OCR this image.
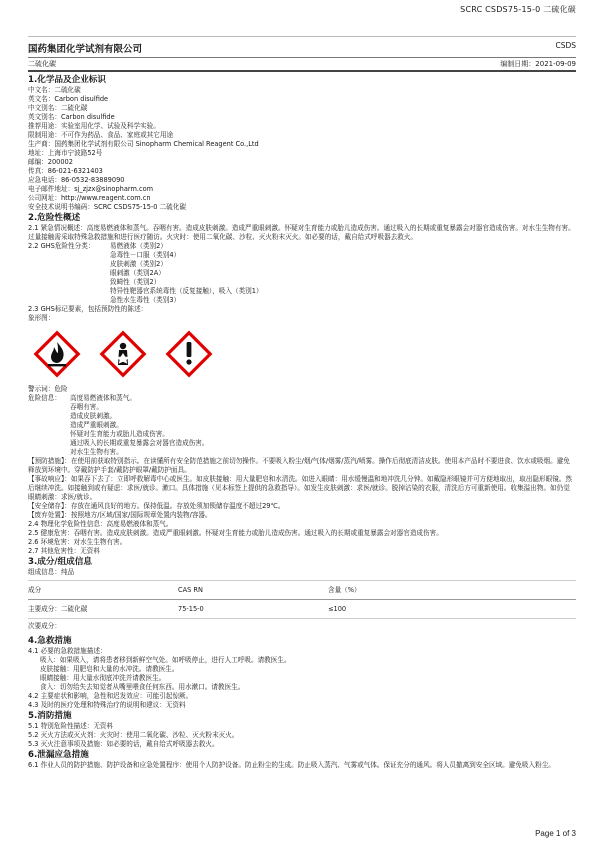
SCRC CSDS75-15-0 二硫化碳
国药集团化学试剂有限公司	CSDS
二硫化碳	编制日期：2021-09-09
1.化学品及企业标识
中文名：二硫化碳
英文名：Carbon disulfide
中文别名：二硫化碳
英文别名：Carbon disulfide
推荐用途：实验室用化学、试验及科学实验。
限制用途：不可作为药品、食品、家庭或其它用途
生产商：国药集团化学试剂有限公司 Sinopharm Chemical Reagent Co.,Ltd
地址：上海市宁波路52号
邮编：200002
传真：86-021-6321403
应急电话：86-0532-83889090
电子邮件地址：sj_zjzx@sinopharm.com
公司网址：http://www.reagent.com.cn
安全技术说明书编码：SCRC CSDS75-15-0 二硫化碳
2.危险性概述
2.1 紧急情况概述：高度易燃液体和蒸气。吞咽有害。造成皮肤刺激。造成严重眼刺激。怀疑对生育能力或胎儿造成伤害。通过吸入的长期或重复暴露会对器官造成伤害。对水生生物有害。过量接触需采取特殊急救措施和进行医疗随访。火灾时：使用二氧化碳、沙粒、灭火粉末灭火。如必要的话，戴自给式呼吸器去救火。
2.2 GHS危险性分类：	易燃液体（类别2）
急毒性－口服（类别4）
皮肤刺激（类别2）
眼刺激（类别2A）
致畸性（类别2）
特异性靶器官系统毒性（反复接触），吸入（类别1）
急性水生毒性（类别3）
2.3 GHS标记要素，包括预防性的陈述：
象形图：
警示词：危险
危险信息：	高度易燃液体和蒸气。
吞咽有害。
造成皮肤刺激。
造成严重眼刺激。
怀疑对生育能力或胎儿造成伤害。
通过吸入的长期或重复暴露会对器官造成伤害。
对水生生物有害。
【预防措施】：在使用前获取特别指示。在读懂所有安全防范措施之前切勿操作。不要吸入粉尘/烟/气体/烟雾/蒸汽/喷雾。操作后彻底清洁皮肤。使用本产品时不要进食、饮水或吸烟。避免释放到环境中。穿戴防护手套/戴防护眼罩/戴防护面具。
【事故响应】：如果吞下去了：立即呼救解毒中心或医生。如皮肤接触：用大量肥皂和水清洗。如进入眼睛：用水缓慢温和地冲洗几分钟。如戴隐形眼镜并可方便地取出，取出隐形眼镜。然后继续冲洗。如接触到或有疑虑：求医/就诊。漱口。具体措施（见本标签上提供的急救指导）。如发生皮肤刺激：求医/就诊。脱掉沾染的衣服，清洗后方可重新使用。收集溢出物。如仍觉眼睛刺激：求医/就诊。
【安全储存】：存放在通风良好的地方。保持低温。存放处须加锁储存温度不超过29℃。
【废弃处置】：按照地方/区域/国家/国际规章处置内装物/容器。
2.4 物理化学危险性信息：高度易燃液体和蒸气。
2.5 健康危害：吞咽有害。造成皮肤刺激。造成严重眼刺激。怀疑对生育能力或胎儿造成伤害。通过吸入的长期或重复暴露会对器官造成伤害。
2.6 环境危害：对水生生物有害。
2.7 其他危害性：无资料
3.成分/组成信息
组成信息：纯品
成分	CAS RN	含量（%）
主要成分：二硫化碳	75-15-0	≤100
次要成分：
4.急救措施
4.1 必要的急救措施描述：
吸入：如果吸入，请将患者移到新鲜空气处。如呼吸停止，进行人工呼吸。请教医生。
皮肤接触：用肥皂和大量的水冲洗。请教医生。
眼睛接触：用大量水彻底冲洗并请教医生。
食入：切勿给失去知觉者从嘴里喂食任何东西。用水漱口。请教医生。
4.2 主要症状和影响，急性和迟发效应：可能引起惊厥。
4.3 及时的医疗处理和特殊治疗的说明和建议：无资料
5.消防措施
5.1 特别危险性描述：无资料
5.2 灭火方法或灭火剂：火灾时：使用二氧化碳、沙粒、灭火粉末灭火。
5.3 灭火注意事项及措施：如必要的话，戴自给式呼吸器去救火。
6.泄漏应急措施
6.1 作业人员的防护措施、防护设备和应急处置程序：使用个人防护设备。防止粉尘的生成。防止吸入蒸汽、气雾或气体。保证充分的通风。将人员撤离到安全区域。避免吸入粉尘。
Page 1 of 3
